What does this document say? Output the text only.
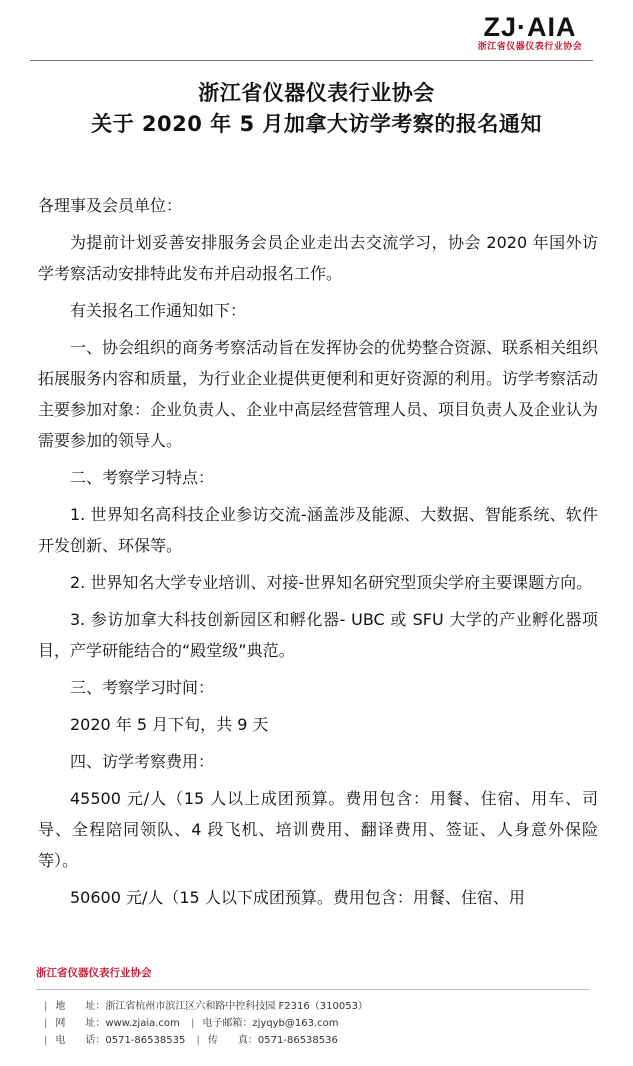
ZJ·AIA
浙江省仪器仪表行业协会
浙江省仪器仪表行业协会
关于 2020 年 5 月加拿大访学考察的报名通知

各理事及会员单位：

为提前计划妥善安排服务会员企业走出去交流学习，协会 2020 年国外访学考察活动安排特此发布并启动报名工作。

有关报名工作通知如下：

一、协会组织的商务考察活动旨在发挥协会的优势整合资源、联系相关组织拓展服务内容和质量，为行业企业提供更便利和更好资源的利用。访学考察活动主要参加对象：企业负责人、企业中高层经营管理人员、项目负责人及企业认为需要参加的领导人。

二、考察学习特点：

1. 世界知名高科技企业参访交流-涵盖涉及能源、大数据、智能系统、软件开发创新、环保等。

2. 世界知名大学专业培训、对接-世界知名研究型顶尖学府主要课题方向。

3. 参访加拿大科技创新园区和孵化器- UBC 或 SFU 大学的产业孵化器项目，产学研能结合的“殿堂级”典范。

三、考察学习时间：

2020 年 5 月下旬，共 9 天

四、访学考察费用：

45500 元/人（15 人以上成团预算。费用包含：用餐、住宿、用车、司导、全程陪同领队、4 段飞机、培训费用、翻译费用、签证、人身意外保险等）。

50600 元/人（15 人以下成团预算。费用包含：用餐、住宿、用

浙江省仪器仪表行业协会
| 地　　址：浙江省杭州市滨江区六和路中控科技园 F2316（310053）
| 网　　址：www.zjaia.com | 电子邮箱：zjyqyb@163.com
| 电　　话：0571-86538535 | 传　　真：0571-86538536
